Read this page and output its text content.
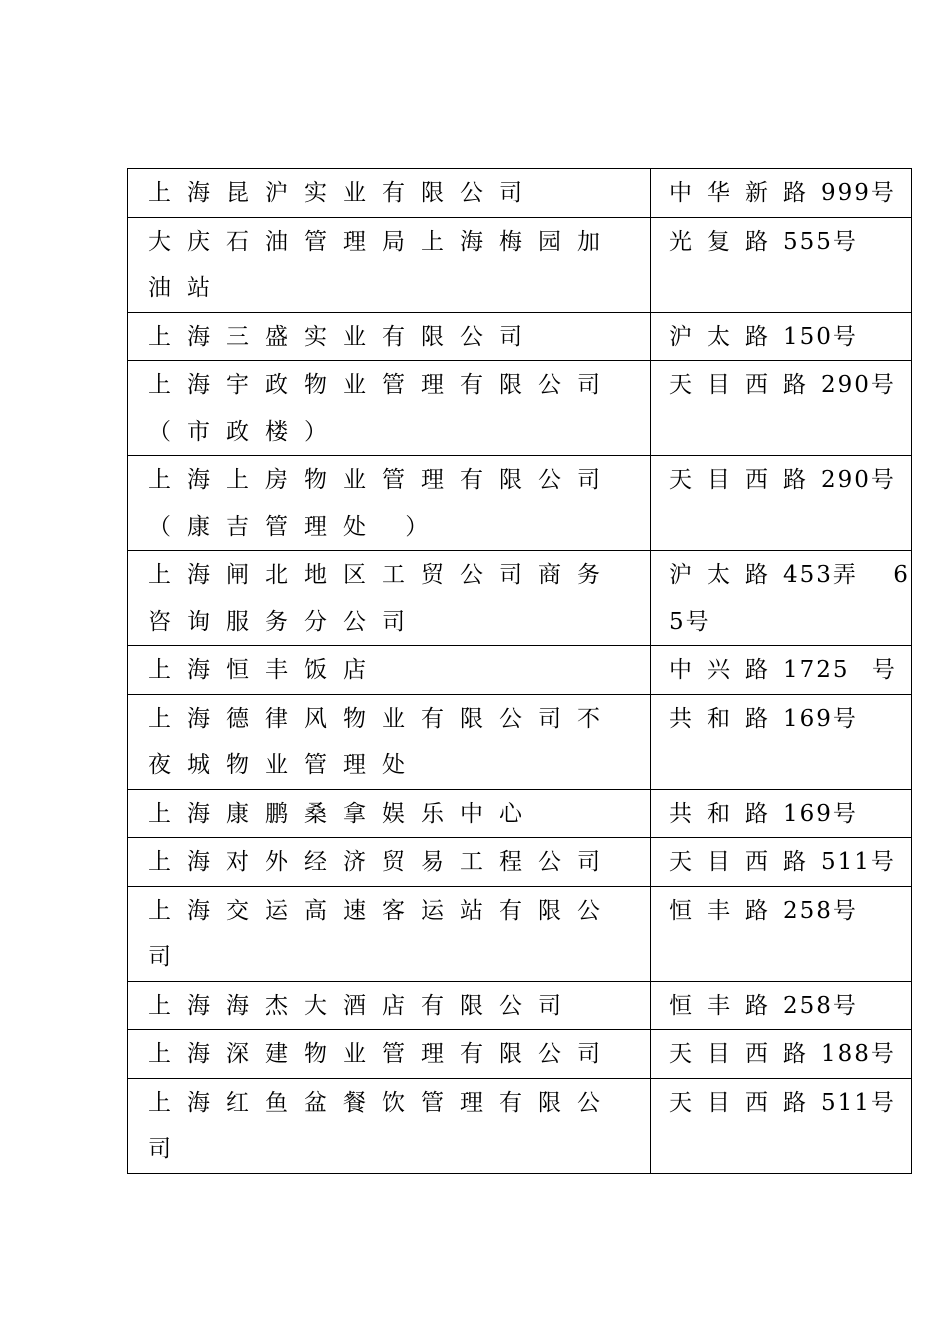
上海昆沪实业有限公司	中华新路999号
大庆石油管理局上海梅园加油站	光复路555号
上海三盛实业有限公司	沪太路150号
上海宇政物业管理有限公司（市政楼）	天目西路290号
上海上房物业管理有限公司（康吉管理处 ）	天目西路290号
上海闸北地区工贸公司商务咨询服务分公司	沪太路453弄 65号
上海恒丰饭店	中兴路1725 号
上海德律风物业有限公司不夜城物业管理处	共和路169号
上海康鹏桑拿娱乐中心	共和路169号
上海对外经济贸易工程公司	天目西路511号
上海交运高速客运站有限公司	恒丰路258号
上海海杰大酒店有限公司	恒丰路258号
上海深建物业管理有限公司	天目西路188号
上海红鱼盆餐饮管理有限公司	天目西路511号
